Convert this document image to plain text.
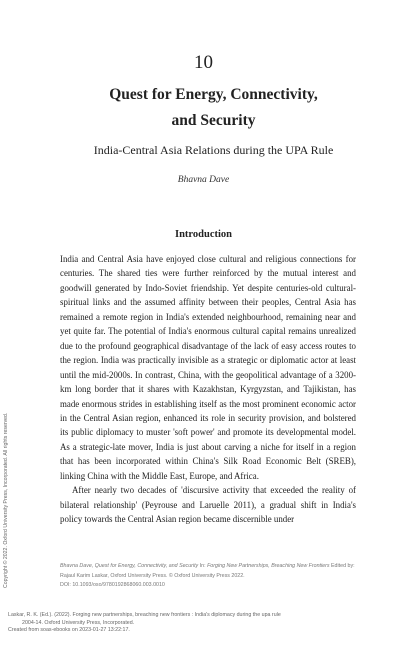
10
Quest for Energy, Connectivity,
and Security
India-Central Asia Relations during the UPA Rule
Bhavna Dave
Introduction

India and Central Asia have enjoyed close cultural and religious connections for centuries. The shared ties were further reinforced by the mutual interest and goodwill generated by Indo-Soviet friendship. Yet despite centuries-old cultural-spiritual links and the assumed affinity between their peoples, Central Asia has remained a remote region in India's extended neighbourhood, remaining near and yet quite far. The potential of India's enormous cultural capital remains unrealized due to the profound geographical disadvantage of the lack of easy access routes to the region. India was practically invisible as a strategic or diplomatic actor at least until the mid-2000s. In contrast, China, with the geopolitical advantage of a 3200-km long border that it shares with Kazakhstan, Kyrgyzstan, and Tajikistan, has made enormous strides in establishing itself as the most prominent economic actor in the Central Asian region, enhanced its role in security provision, and bolstered its public diplomacy to muster 'soft power' and promote its developmental model. As a strategic-late mover, India is just about carving a niche for itself in a region that has been incorporated within China's Silk Road Economic Belt (SREB), linking China with the Middle East, Europe, and Africa.

After nearly two decades of 'discursive activity that exceeded the reality of bilateral relationship' (Peyrouse and Laruelle 2011), a gradual shift in India's policy towards the Central Asian region became discernible under

Bhavna Dave, Quest for Energy, Connectivity, and Security In: Forging New Partnerships, Breaching New Frontiers Edited by: Rajaul Karim Laskar, Oxford University Press. © Oxford University Press 2022.

DOI: 10.1093/oso/9780192868060.003.0010

Laskar, R. K. (Ed.). (2022). Forging new partnerships, breaching new frontiers : India's diplomacy during the upa rule

2004-14. Oxford University Press, Incorporated.

Created from soas-ebooks on 2023-01-27 13:22:17.

Copyright © 2022. Oxford University Press, Incorporated. All rights reserved.
